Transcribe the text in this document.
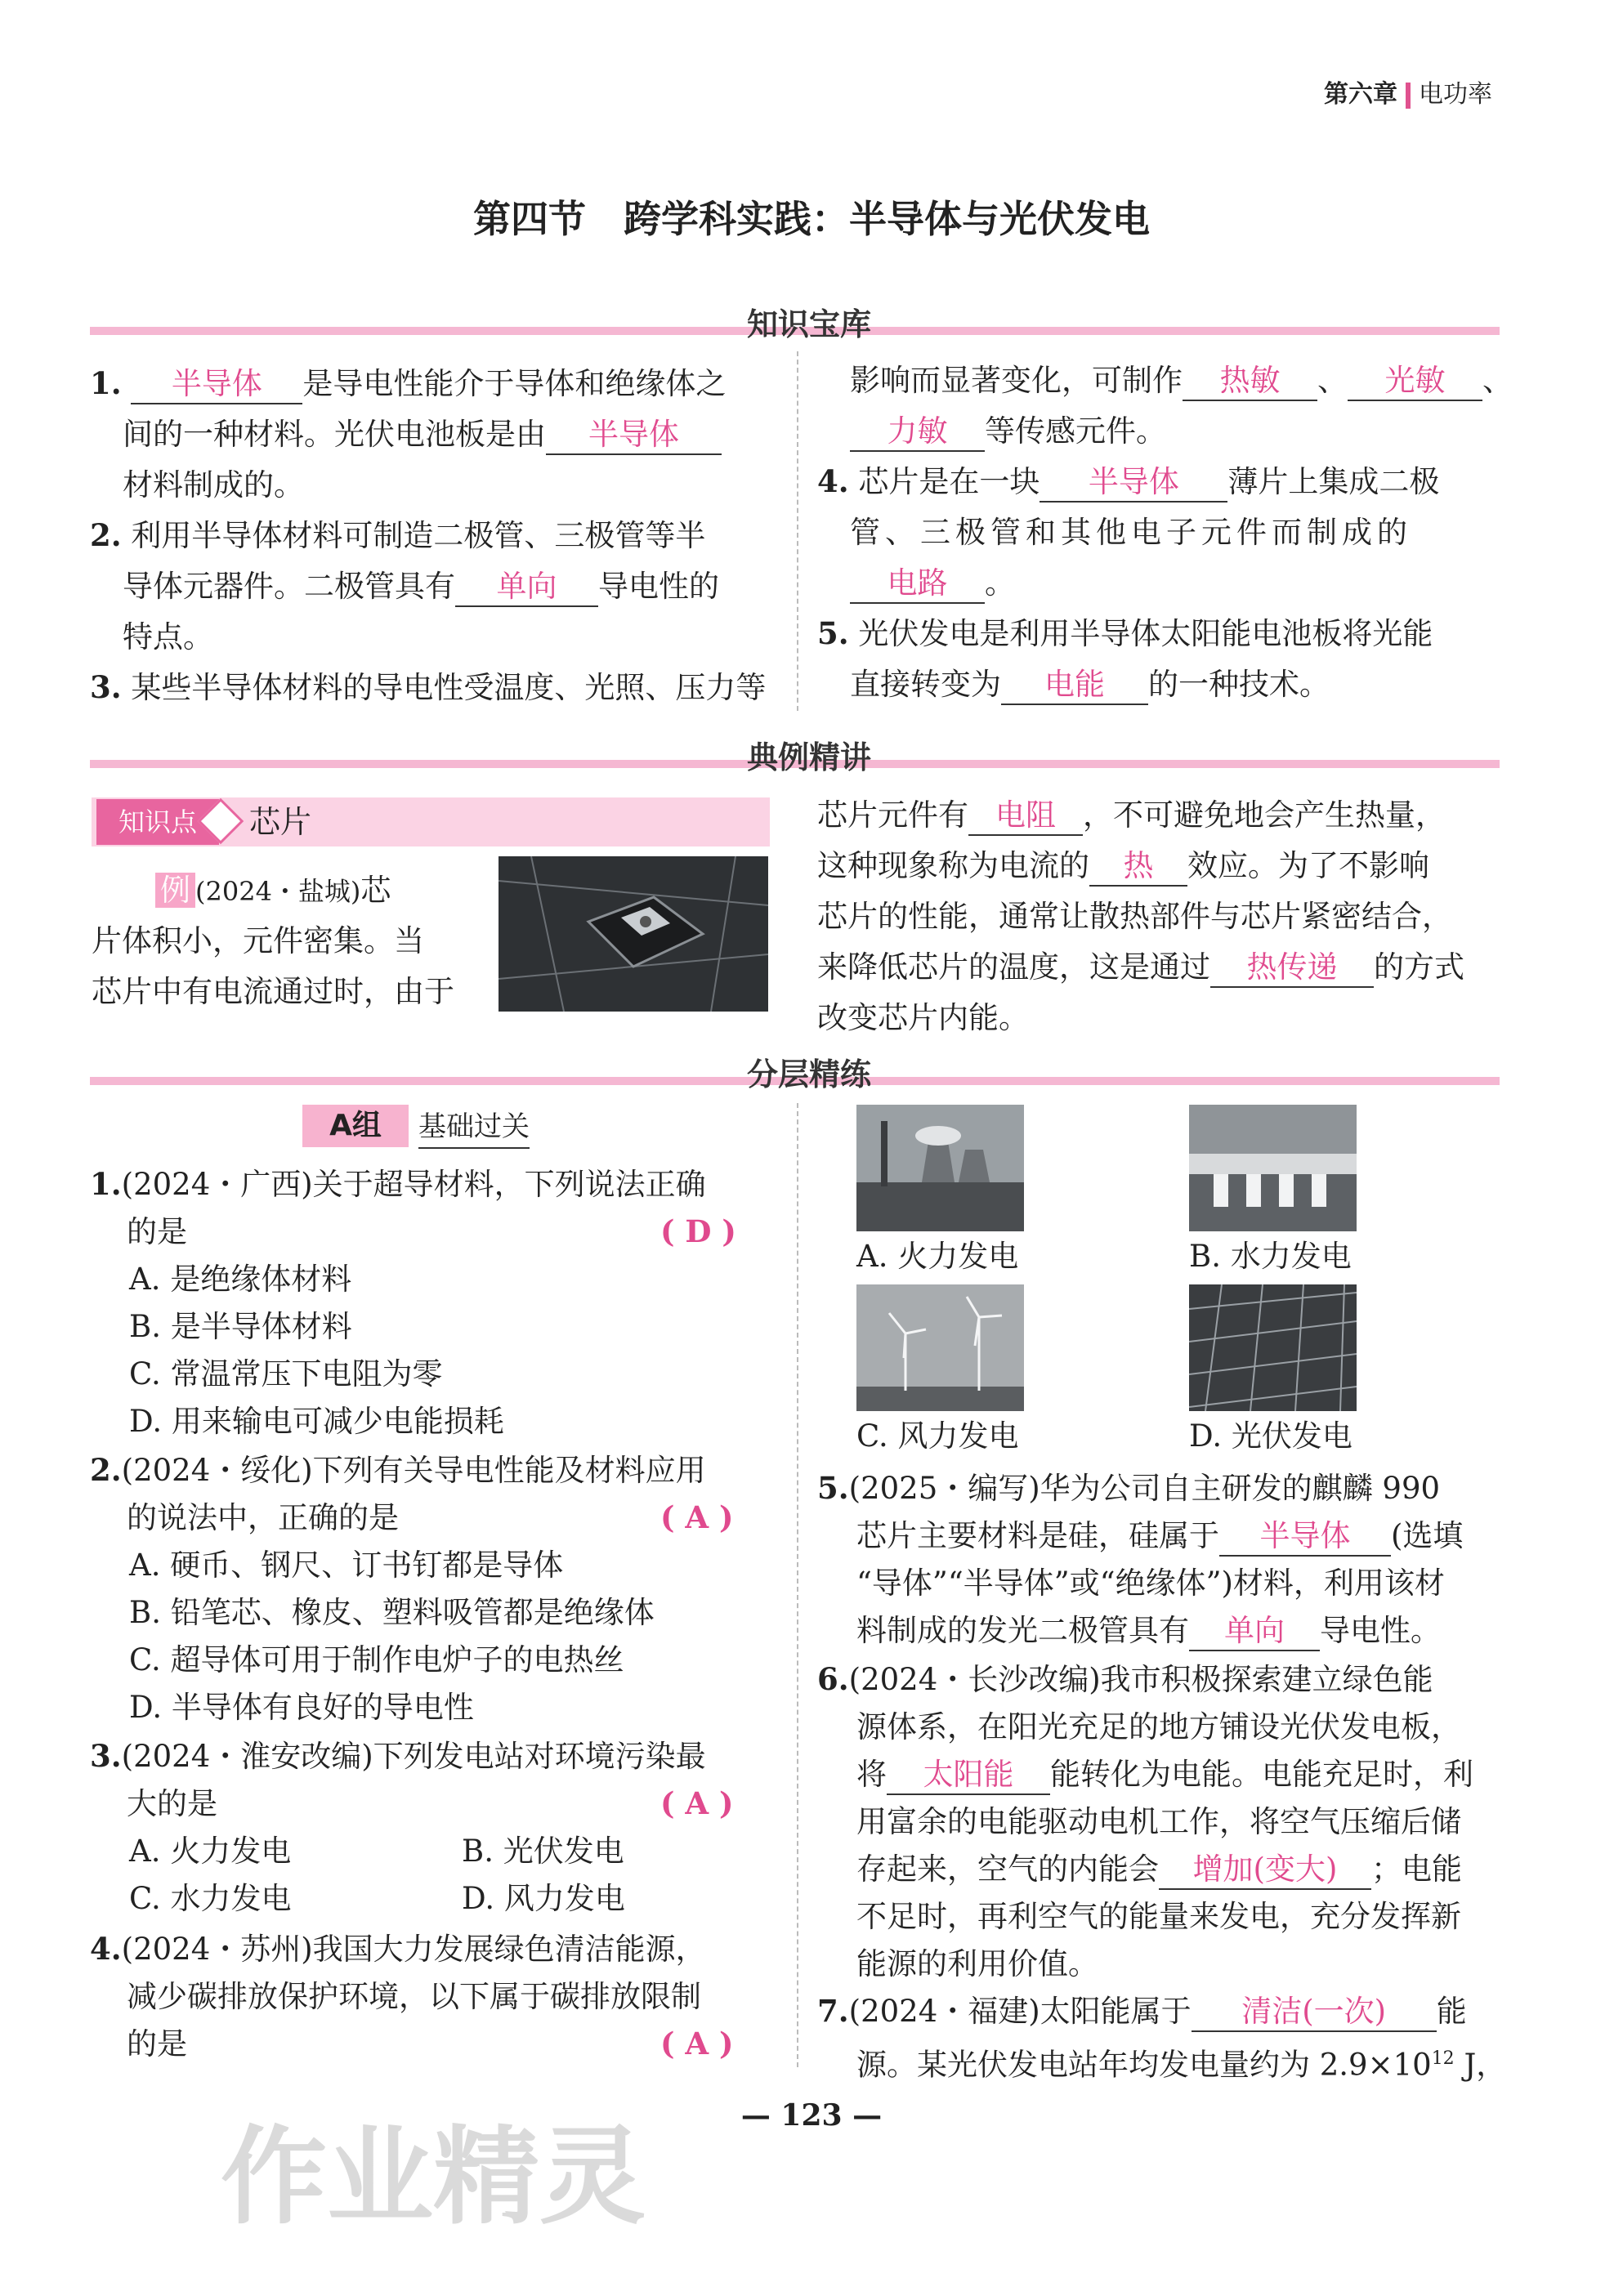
第六章 电功率
第四节　跨学科实践：半导体与光伏发电
知识宝库
1. 半导体 是导电性能介于导体和绝缘体之
间的一种材料。光伏电池板是由 半导体
材料制成的。
2. 利用半导体材料可制造二极管、三极管等半
导体元器件。二极管具有 单向 导电性的
特点。
3. 某些半导体材料的导电性受温度、光照、压力等
影响而显著变化，可制作 热敏 、 光敏 、
力敏 等传感元件。
4. 芯片是在一块 半导体 薄片上集成二极
管、三极管和其他电子元件而制成的
电路 。
5. 光伏发电是利用半导体太阳能电池板将光能
直接转变为 电能 的一种技术。
典例精讲
知识点	芯片
例 (2024・盐城)芯
片体积小，元件密集。当
芯片中有电流通过时，由于
芯片元件有 电阻 ，不可避免地会产生热量，
这种现象称为电流的 热 效应。为了不影响
芯片的性能，通常让散热部件与芯片紧密结合，
来降低芯片的温度，这是通过 热传递 的方式
改变芯片内能。
分层精练
A组	基础过关
1.(2024・广西)关于超导材料，下列说法正确
的是	( D )
A. 是绝缘体材料
B. 是半导体材料
C. 常温常压下电阻为零
D. 用来输电可减少电能损耗
2.(2024・绥化)下列有关导电性能及材料应用
的说法中，正确的是	( A )
A. 硬币、钢尺、订书钉都是导体
B. 铅笔芯、橡皮、塑料吸管都是绝缘体
C. 超导体可用于制作电炉子的电热丝
D. 半导体有良好的导电性
3.(2024・淮安改编)下列发电站对环境污染最
大的是	( A )
A. 火力发电	B. 光伏发电
C. 水力发电	D. 风力发电
4.(2024・苏州)我国大力发展绿色清洁能源，
减少碳排放保护环境，以下属于碳排放限制
的是	( A )
A. 火力发电	B. 水力发电
C. 风力发电	D. 光伏发电
5.(2025・编写)华为公司自主研发的麒麟 990
芯片主要材料是硅，硅属于 半导体 (选填
“导体”“半导体”或“绝缘体”)材料，利用该材
料制成的发光二极管具有 单向 导电性。
6.(2024・长沙改编)我市积极探索建立绿色能
源体系，在阳光充足的地方铺设光伏发电板，
将 太阳能 能转化为电能。电能充足时，利
用富余的电能驱动电机工作，将空气压缩后储
存起来，空气的内能会 增加(变大) ；电能
不足时，再利空气的能量来发电，充分发挥新
能源的利用价值。
7.(2024・福建)太阳能属于 清洁(一次) 能
源。某光伏发电站年均发电量约为 $2.9\times 10^{12}$ J，
— 123 —
作业精灵
